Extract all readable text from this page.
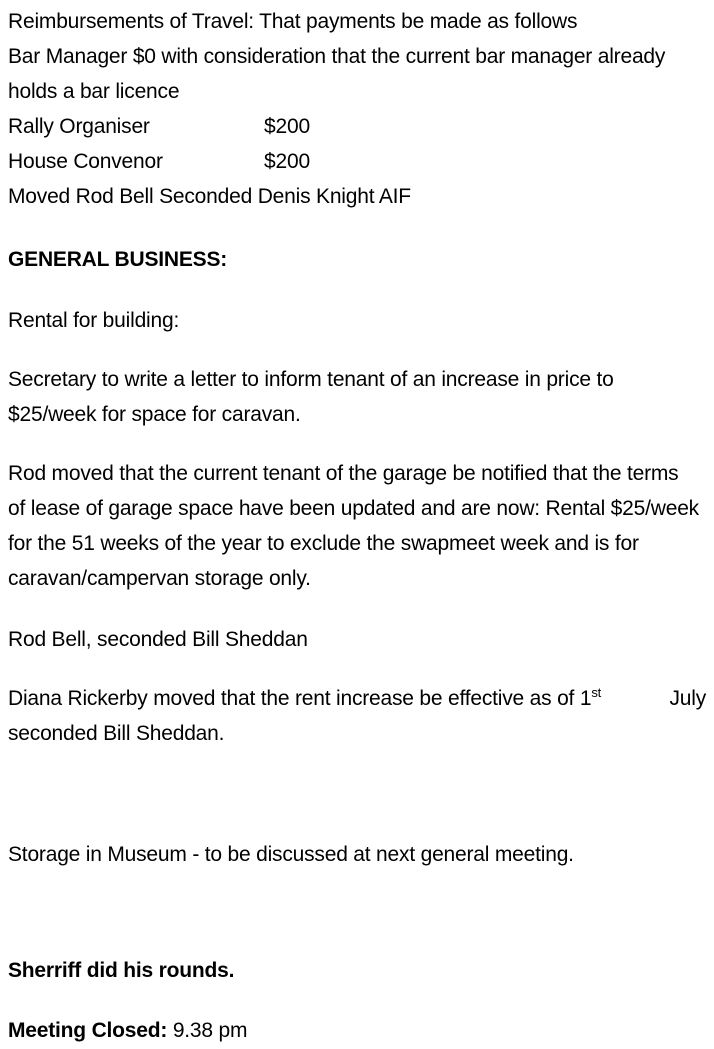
Reimbursements of Travel: That payments be made as follows
Bar Manager $0 with consideration that the current bar manager already
holds a bar licence
Rally Organiser	$200
House Convenor	$200
Moved Rod Bell Seconded Denis Knight AIF
GENERAL BUSINESS:
Rental for building:
Secretary to write a letter to inform tenant of an increase in price to
$25/week for space for caravan.
Rod moved that the current tenant of the garage be notified that the terms
of lease of garage space have been updated and are now: Rental $25/week
for the 51 weeks of the year to exclude the swapmeet week and is for
caravan/campervan storage only.
Rod Bell, seconded Bill Sheddan
Diana Rickerby moved that the rent increase be effective as of 1st	July
seconded Bill Sheddan.
Storage in Museum - to be discussed at next general meeting.
Sherriff did his rounds.
Meeting Closed: 9.38 pm
